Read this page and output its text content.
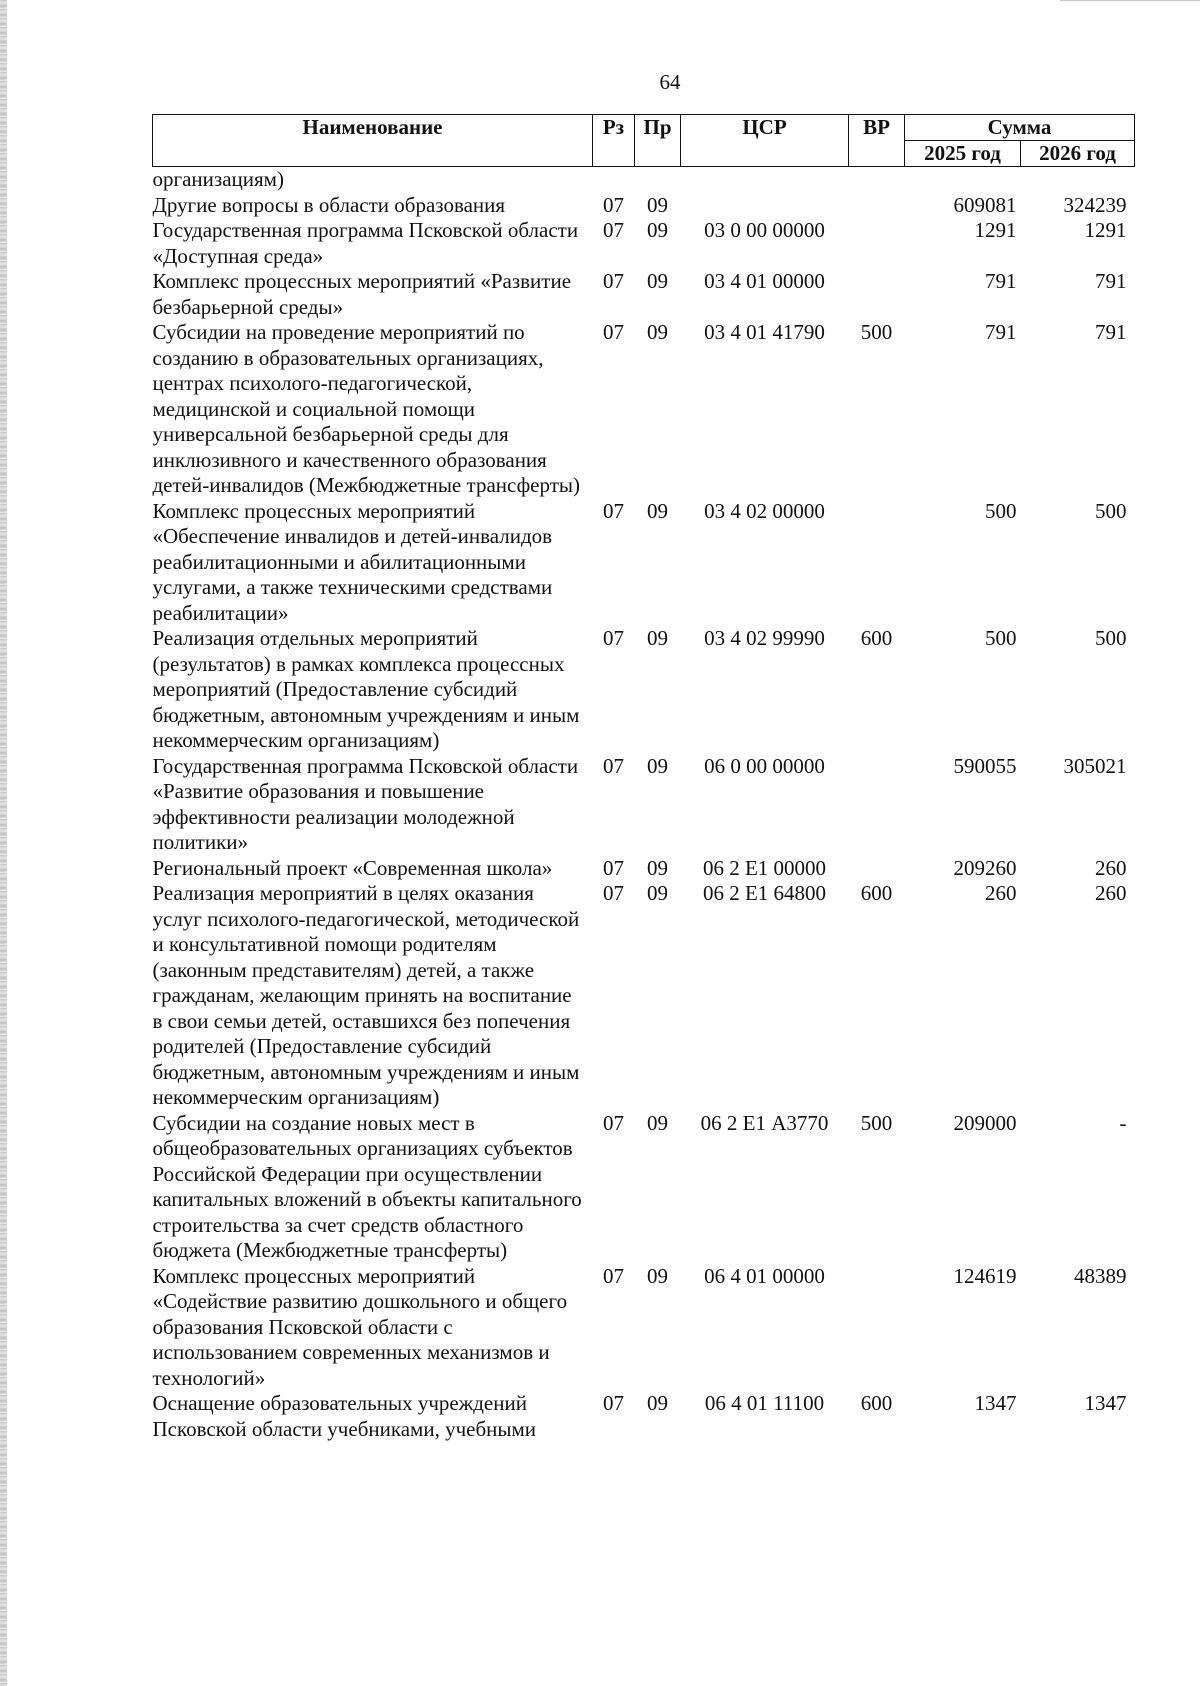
64
Наименование	Рз	Пр	ЦСР	ВР	Сумма	
					2025 год	2026 год
организациям)						
Другие вопросы в области образования	07	09			609081	324239
Государственная программа Псковской области «Доступная среда»	07	09	03 0 00 00000		1291	1291
Комплекс процессных мероприятий «Развитие безбарьерной среды»	07	09	03 4 01 00000		791	791
Субсидии на проведение мероприятий по созданию в образовательных организациях, центрах психолого-педагогической, медицинской и социальной помощи универсальной безбарьерной среды для инклюзивного и качественного образования детей-инвалидов (Межбюджетные трансферты)	07	09	03 4 01 41790	500	791	791
Комплекс процессных мероприятий «Обеспечение инвалидов и детей-инвалидов реабилитационными и абилитационными услугами, а также техническими средствами реабилитации»	07	09	03 4 02 00000		500	500
Реализация отдельных мероприятий (результатов) в рамках комплекса процессных мероприятий (Предоставление субсидий бюджетным, автономным учреждениям и иным некоммерческим организациям)	07	09	03 4 02 99990	600	500	500
Государственная программа Псковской области «Развитие образования и повышение эффективности реализации молодежной политики»	07	09	06 0 00 00000		590055	305021
Региональный проект «Современная школа»	07	09	06 2 Е1 00000		209260	260
Реализация мероприятий в целях оказания услуг психолого-педагогической, методической и консультативной помощи родителям (законным представителям) детей, а также гражданам, желающим принять на воспитание в свои семьи детей, оставшихся без попечения родителей (Предоставление субсидий бюджетным, автономным учреждениям и иным некоммерческим организациям)	07	09	06 2 Е1 64800	600	260	260
Субсидии на создание новых мест в общеобразовательных организациях субъектов Российской Федерации при осуществлении капитальных вложений в объекты капитального строительства за счет средств областного бюджета (Межбюджетные трансферты)	07	09	06 2 Е1 А3770	500	209000	-
Комплекс процессных мероприятий «Содействие развитию дошкольного и общего образования Псковской области с использованием современных механизмов и технологий»	07	09	06 4 01 00000		124619	48389
Оснащение образовательных учреждений Псковской области учебниками, учебными	07	09	06 4 01 11100	600	1347	1347
